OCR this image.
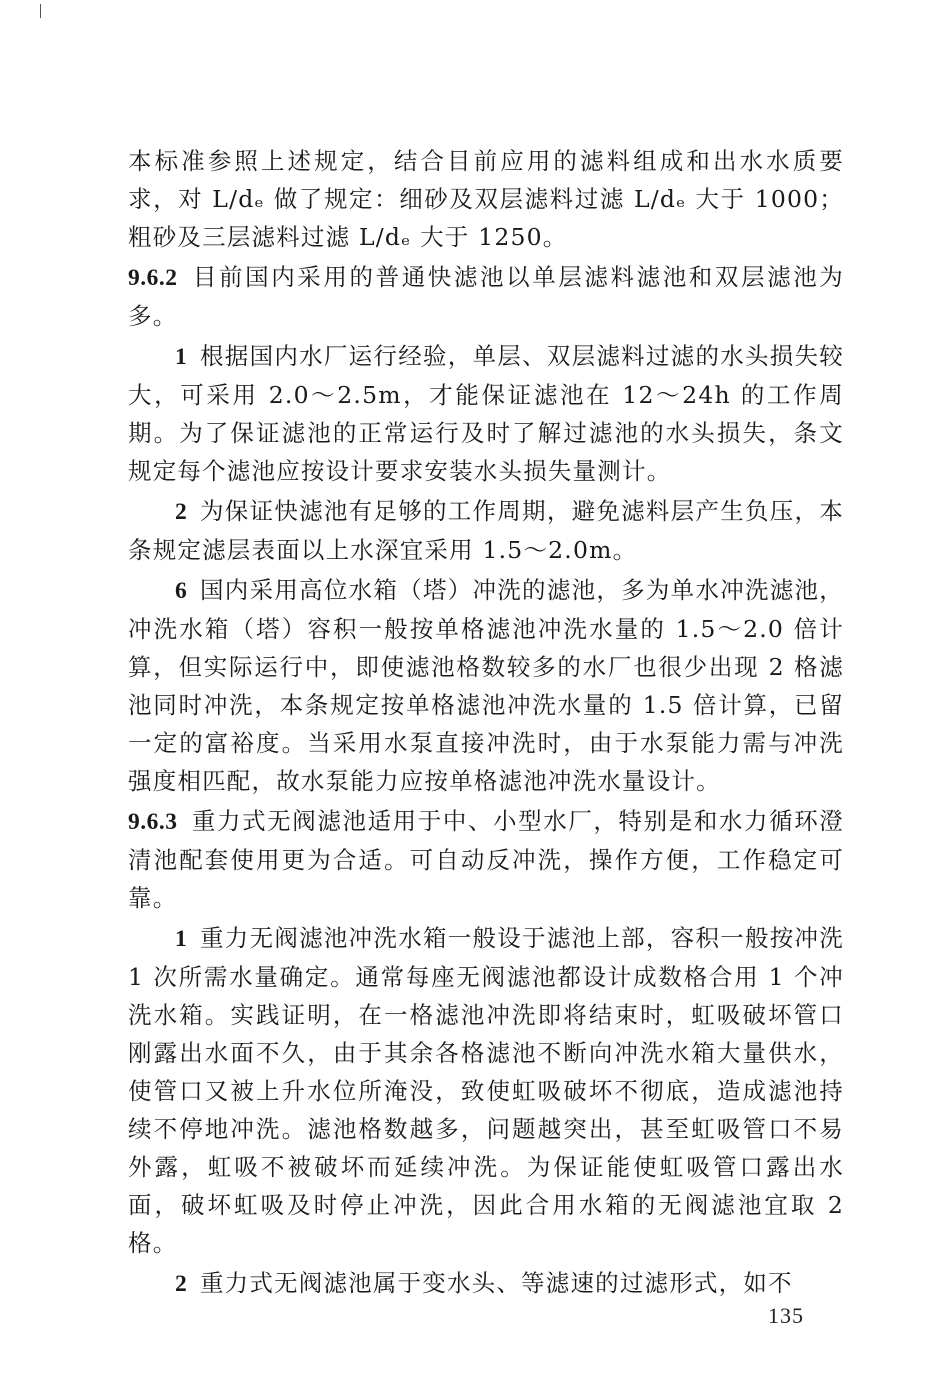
本标准参照上述规定，结合目前应用的滤料组成和出水水质要求，对 L/dₑ 做了规定：细砂及双层滤料过滤 L/dₑ 大于 1000；粗砂及三层滤料过滤 L/dₑ 大于 1250。

9.6.2 目前国内采用的普通快滤池以单层滤料滤池和双层滤池为多。

1 根据国内水厂运行经验，单层、双层滤料过滤的水头损失较大，可采用 2.0～2.5m，才能保证滤池在 12～24h 的工作周期。为了保证滤池的正常运行及时了解过滤池的水头损失，条文规定每个滤池应按设计要求安装水头损失量测计。

2 为保证快滤池有足够的工作周期，避免滤料层产生负压，本条规定滤层表面以上水深宜采用 1.5～2.0m。

6 国内采用高位水箱（塔）冲洗的滤池，多为单水冲洗滤池，冲洗水箱（塔）容积一般按单格滤池冲洗水量的 1.5～2.0 倍计算，但实际运行中，即使滤池格数较多的水厂也很少出现 2 格滤池同时冲洗，本条规定按单格滤池冲洗水量的 1.5 倍计算，已留一定的富裕度。当采用水泵直接冲洗时，由于水泵能力需与冲洗强度相匹配，故水泵能力应按单格滤池冲洗水量设计。

9.6.3 重力式无阀滤池适用于中、小型水厂，特别是和水力循环澄清池配套使用更为合适。可自动反冲洗，操作方便，工作稳定可靠。

1 重力无阀滤池冲洗水箱一般设于滤池上部，容积一般按冲洗 1 次所需水量确定。通常每座无阀滤池都设计成数格合用 1 个冲洗水箱。实践证明，在一格滤池冲洗即将结束时，虹吸破坏管口刚露出水面不久，由于其余各格滤池不断向冲洗水箱大量供水，使管口又被上升水位所淹没，致使虹吸破坏不彻底，造成滤池持续不停地冲洗。滤池格数越多，问题越突出，甚至虹吸管口不易外露，虹吸不被破坏而延续冲洗。为保证能使虹吸管口露出水面，破坏虹吸及时停止冲洗，因此合用水箱的无阀滤池宜取 2 格。

2 重力式无阀滤池属于变水头、等滤速的过滤形式，如不

135
